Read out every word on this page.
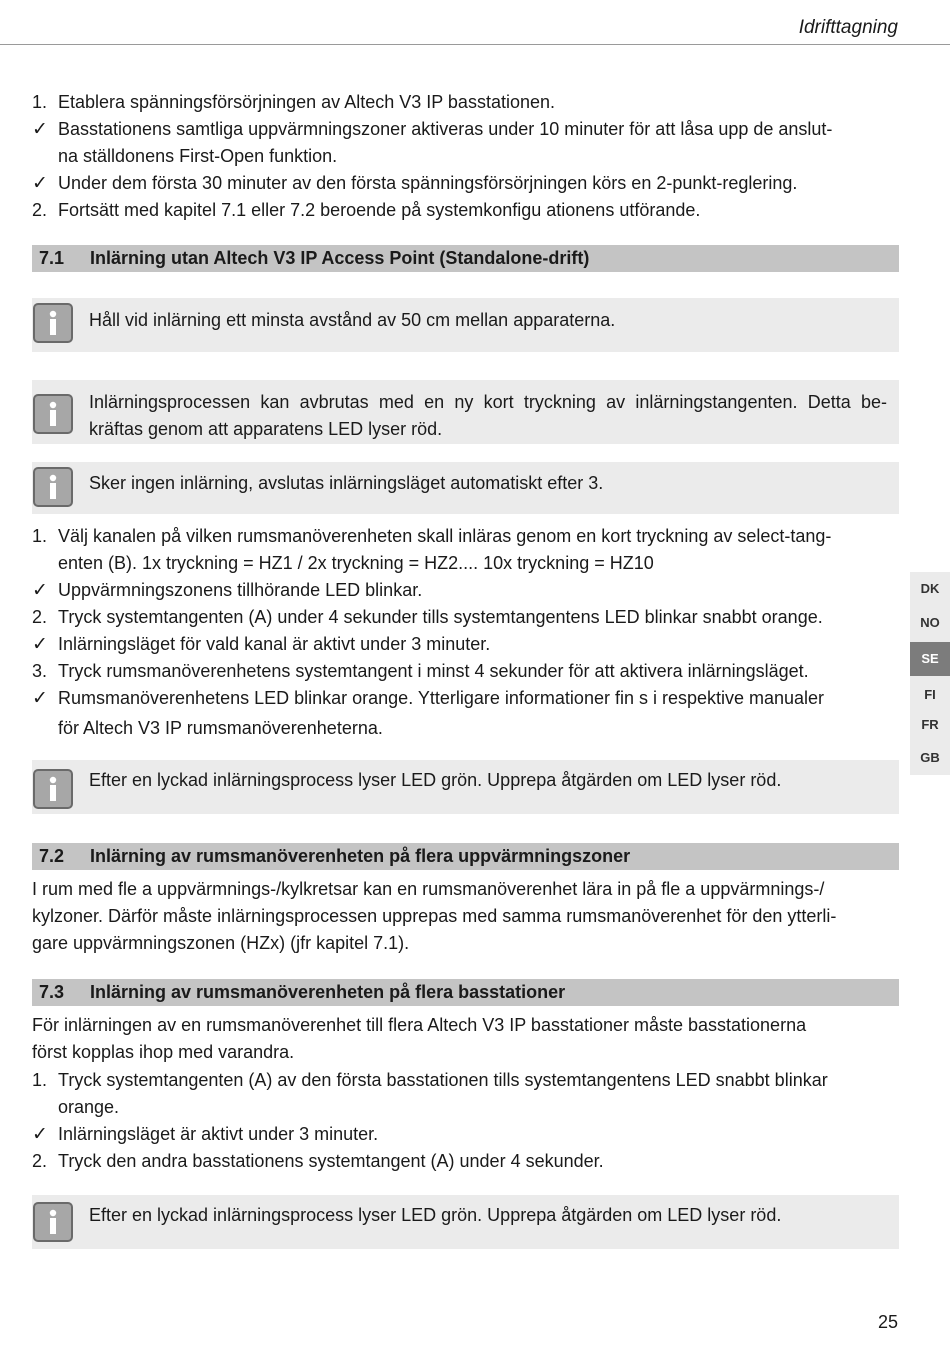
Idrifttagning
1. Etablera spänningsförsörjningen av Altech V3 IP basstationen.
✓ Basstationens samtliga uppvärmningszoner aktiveras under 10 minuter för att låsa upp de anslut-
na ställdonens First-Open funktion.
✓ Under dem första 30 minuter av den första spänningsförsörjningen körs en 2-punkt-reglering.
2. Fortsätt med kapitel 7.1 eller 7.2 beroende på systemkonfigu ationens utförande.
7.1 Inlärning utan Altech V3 IP Access Point (Standalone-drift)
Håll vid inlärning ett minsta avstånd av 50 cm mellan apparaterna.
Inlärningsprocessen kan avbrutas med en ny kort tryckning av inlärningstangenten. Detta be- kräftas genom att apparatens LED lyser röd.
Sker ingen inlärning, avslutas inlärningsläget automatiskt efter 3.
1. Välj kanalen på vilken rumsmanöverenheten skall inläras genom en kort tryckning av select-tang-
enten (B). 1x tryckning = HZ1 / 2x tryckning = HZ2.... 10x tryckning = HZ10
✓ Uppvärmningszonens tillhörande LED blinkar.
2. Tryck systemtangenten (A) under 4 sekunder tills systemtangentens LED blinkar snabbt orange.
✓ Inlärningsläget för vald kanal är aktivt under 3 minuter.
3. Tryck rumsmanöverenhetens systemtangent i minst 4 sekunder för att aktivera inlärningsläget.
✓ Rumsmanöverenhetens LED blinkar orange. Ytterligare informationer fin s i respektive manualer
för Altech V3 IP rumsmanöverenheterna.
Efter en lyckad inlärningsprocess lyser LED grön. Upprepa åtgärden om LED lyser röd.
7.2 Inlärning av rumsmanöverenheten på flera uppvärmningszoner
I rum med fle a uppvärmnings-/kylkretsar kan en rumsmanöverenhet lära in på fle a uppvärmnings-/
kylzoner. Därför måste inlärningsprocessen upprepas med samma rumsmanöverenhet för den ytterli-
gare uppvärmningszonen (HZx) (jfr kapitel 7.1).
7.3 Inlärning av rumsmanöverenheten på flera basstationer
För inlärningen av en rumsmanöverenhet till flera Altech V3 IP basstationer måste basstationerna
först kopplas ihop med varandra.
1. Tryck systemtangenten (A) av den första basstationen tills systemtangentens LED snabbt blinkar
orange.
✓ Inlärningsläget är aktivt under 3 minuter.
2. Tryck den andra basstationens systemtangent (A) under 4 sekunder.
Efter en lyckad inlärningsprocess lyser LED grön. Upprepa åtgärden om LED lyser röd.
DK
NO
SE
FI
FR
GB
25
